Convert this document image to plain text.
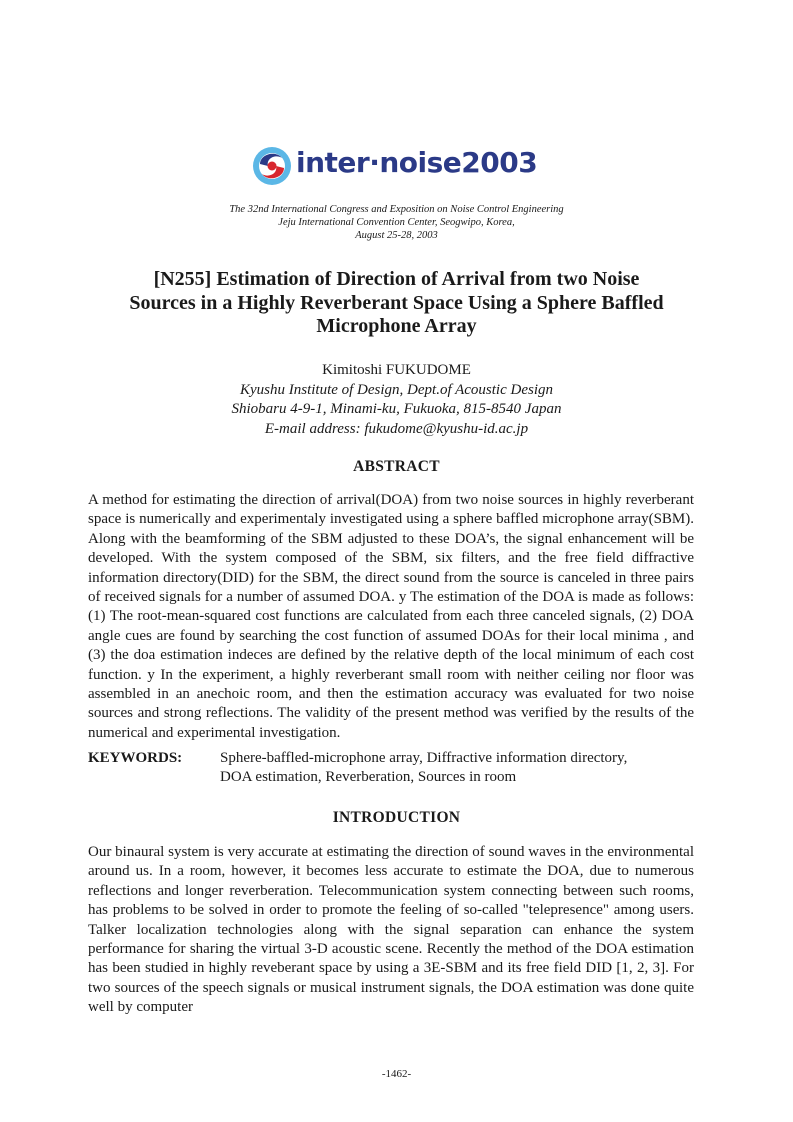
inter·noise2003
The 32nd International Congress and Exposition on Noise Control Engineering
Jeju International Convention Center, Seogwipo, Korea,
August 25-28, 2003
[N255] Estimation of Direction of Arrival from two Noise
Sources in a Highly Reverberant Space Using a Sphere Baffled
Microphone Array
Kimitoshi FUKUDOME
Kyushu Institute of Design, Dept.of Acoustic Design
Shiobaru 4-9-1, Minami-ku, Fukuoka, 815-8540 Japan
E-mail address: fukudome@kyushu-id.ac.jp
ABSTRACT
A method for estimating the direction of arrival(DOA) from two noise sources in highly reverberant space is numerically and experimentaly investigated using a sphere baffled microphone array(SBM). Along with the beamforming of the SBM adjusted to these DOA’s, the signal enhancement will be developed. With the system composed of the SBM, six filters, and the free field diffractive information directory(DID) for the SBM, the direct sound from the source is canceled in three pairs of received signals for a number of assumed DOA. y The estimation of the DOA is made as follows: (1) The root-mean-squared cost functions are calculated from each three canceled signals, (2) DOA angle cues are found by searching the cost function of assumed DOAs for their local minima , and (3) the doa estimation indeces are defined by the relative depth of the local minimum of each cost function. y In the experiment, a highly reverberant small room with neither ceiling nor floor was assembled in an anechoic room, and then the estimation accuracy was evaluated for two noise sources and strong reflections. The validity of the present method was verified by the results of the numerical and experimental investigation.
KEYWORDS:	Sphere-baffled-microphone array, Diffractive information directory,
DOA estimation, Reverberation, Sources in room
INTRODUCTION
Our binaural system is very accurate at estimating the direction of sound waves in the environmental around us. In a room, however, it becomes less accurate to estimate the DOA, due to numerous reflections and longer reverberation. Telecommunication system connecting between such rooms, has problems to be solved in order to promote the feeling of so-called "telepresence" among users. Talker localization technologies along with the signal separation can enhance the system performance for sharing the virtual 3-D acoustic scene. Recently the method of the DOA estimation has been studied in highly reveberant space by using a 3E-SBM and its free field DID [1, 2, 3]. For two sources of the speech signals or musical instrument signals, the DOA estimation was done quite well by computer
-1462-
